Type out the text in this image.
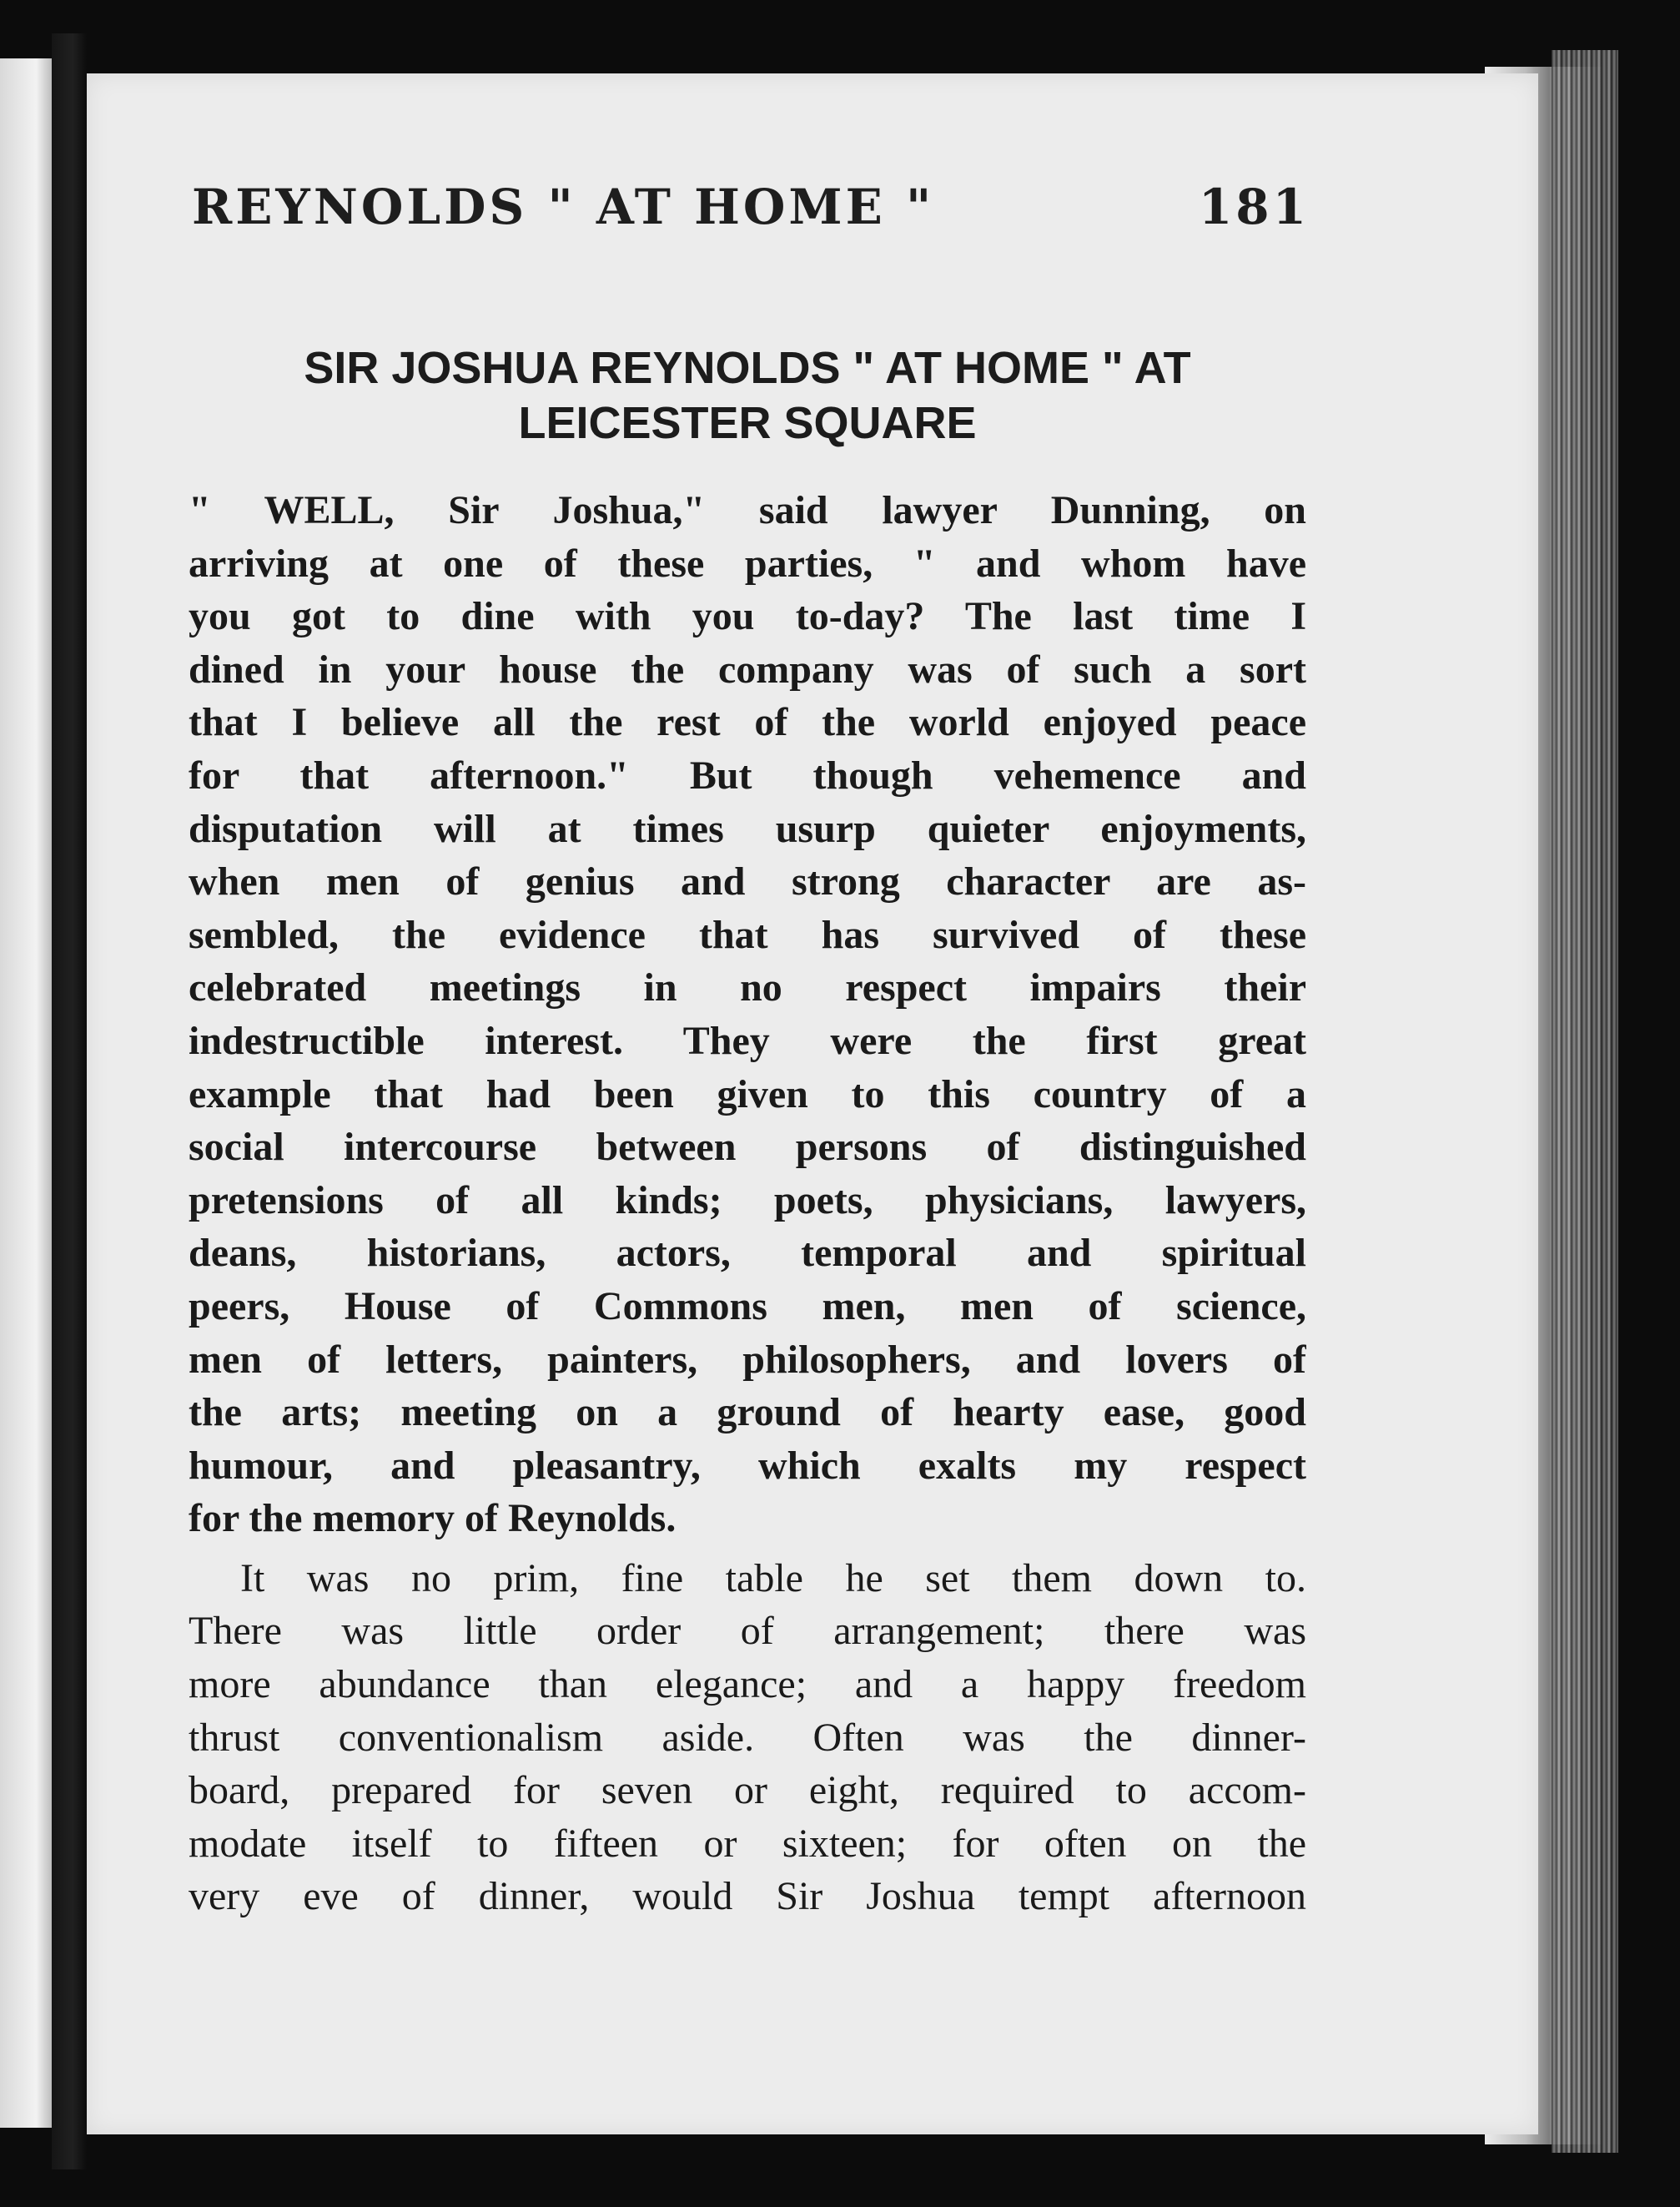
REYNOLDS " AT HOME "	181
SIR JOSHUA REYNOLDS " AT HOME " AT
LEICESTER SQUARE
" WELL, Sir Joshua," said lawyer Dunning, on
arriving at one of these parties, " and whom have
you got to dine with you to-day? The last time I
dined in your house the company was of such a sort
that I believe all the rest of the world enjoyed peace
for that afternoon." But though vehemence and
disputation will at times usurp quieter enjoyments,
when men of genius and strong character are as-
sembled, the evidence that has survived of these
celebrated meetings in no respect impairs their
indestructible interest. They were the first great
example that had been given to this country of a
social intercourse between persons of distinguished
pretensions of all kinds; poets, physicians, lawyers,
deans, historians, actors, temporal and spiritual
peers, House of Commons men, men of science,
men of letters, painters, philosophers, and lovers of
the arts; meeting on a ground of hearty ease, good
humour, and pleasantry, which exalts my respect
for the memory of Reynolds.
It was no prim, fine table he set them down to.
There was little order of arrangement; there was
more abundance than elegance; and a happy freedom
thrust conventionalism aside. Often was the dinner-
board, prepared for seven or eight, required to accom-
modate itself to fifteen or sixteen; for often on the
very eve of dinner, would Sir Joshua tempt afternoon
